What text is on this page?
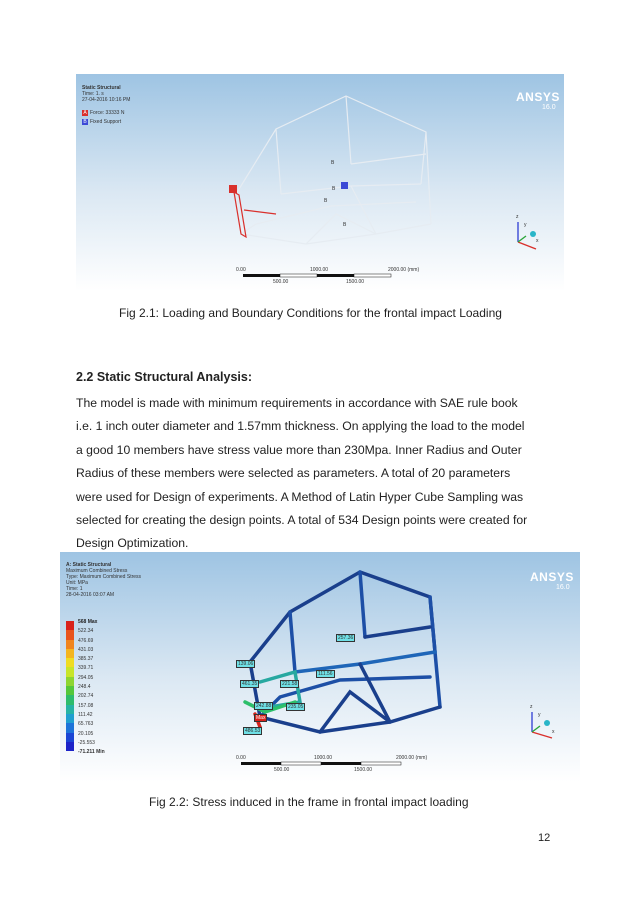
B
B
B
B
Static Structural
Time: 1. s
27-04-2016 10:16 PM
A Force: 33333 N
B Fixed Support
ANSYS
16.0
x
y
z
0.00	1000.00	2000.00 (mm)
500.00	1500.00
Fig 2.1: Loading and Boundary Conditions for the frontal impact Loading
2.2 Static Structural Analysis:
The model is made with minimum requirements in accordance with SAE rule book
i.e. 1 inch outer diameter and 1.57mm thickness. On applying the load to the model
a good 10 members have stress value more than 230Mpa. Inner Radius and Outer
Radius of these members were selected as parameters. A total of 20 parameters
were used for Design of experiments. A Method of Latin Hyper Cube Sampling was
selected for creating the design points. A total of 534 Design points were created for
Design Optimization.
A: Static Structural
Maximum Combined Stress
Type: Maximum Combined Stress
Unit: MPa
Time: 1
28-04-2016 03:07 AM
568 Max
522.34
476.69
431.03
385.37
339.71
294.05
248.4
202.74
157.08
111.42
65.763
20.105
-25.553
-71.211 Min
257.36
139.06
461.35	221.58
111.56
242.88	235.05
Max
486.53
ANSYS
16.0
x
y
z
0.00	1000.00	2000.00 (mm)
500.00	1500.00
Fig 2.2: Stress induced in the frame in frontal impact loading
12
